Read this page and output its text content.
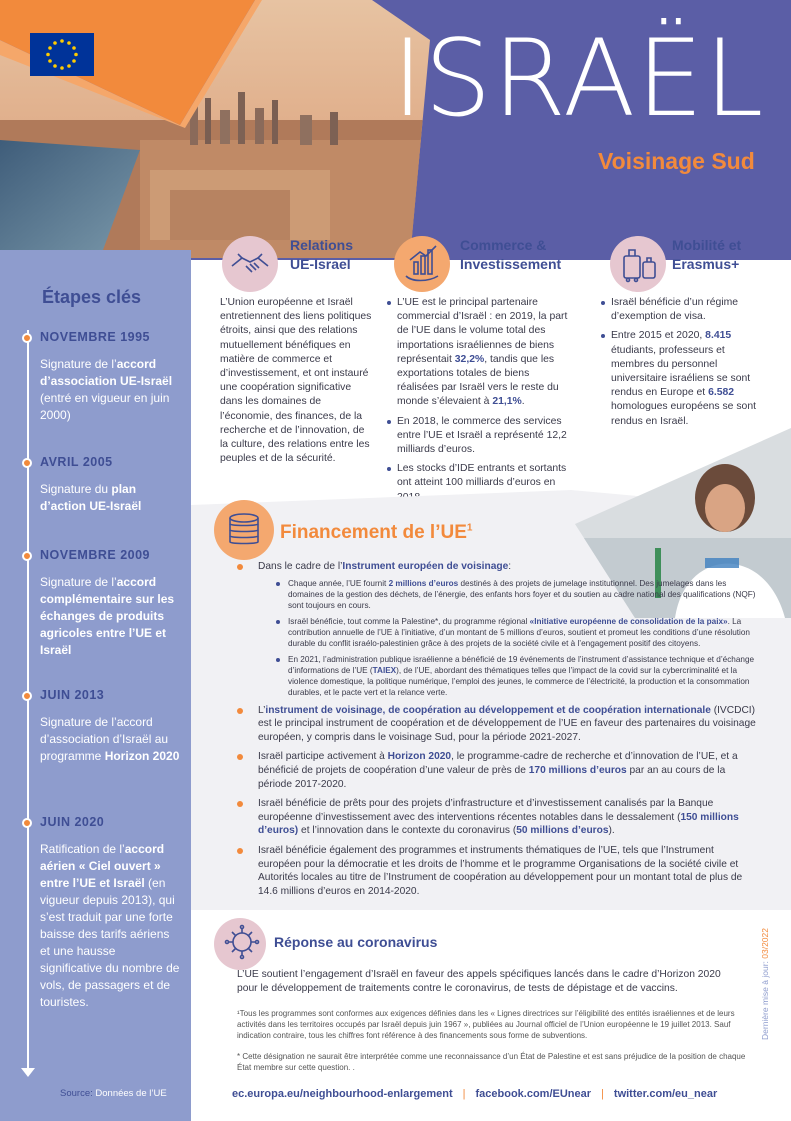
ISRAËL
Voisinage Sud
Étapes clés
NOVEMBRE 1995
Signature de l’accord d’association UE-Israël (entré en vigueur en juin 2000)
AVRIL 2005
Signature du plan d’action UE-Israël
NOVEMBRE 2009
Signature de l’accord complémentaire sur les échanges de produits agricoles entre l’UE et Israël
JUIN 2013
Signature de l’accord d’association d’Israël au programme Horizon 2020
JUIN 2020
Ratification de l’accord aérien « Ciel ouvert » entre l’UE et Israël (en vigueur depuis 2013), qui s’est traduit par une forte baisse des tarifs aériens et une hausse significative du nombre de vols, de passagers et de touristes.
Source: Données de l’UE
Relations
UE-Israel
L’Union européenne et Israël entretiennent des liens politiques étroits, ainsi que des relations mutuellement bénéfiques en matière de commerce et d’investissement, et ont instauré une coopération significative dans les domaines de l’économie, des finances, de la recherche et de l’innovation, de la culture, des relations entre les peuples et de la sécurité.
Commerce &
Investissement
L’UE est le principal partenaire commercial d’Israël : en 2019, la part de l’UE dans le volume total des importations israéliennes de biens représentait 32,2%, tandis que les exportations totales de biens réalisées par Israël vers le reste du monde s’élevaient à 21,1%.
En 2018, le commerce des services entre l’UE et Israël a représenté 12,2 milliards d’euros.
Les stocks d’IDE entrants et sortants ont atteint 100 milliards d’euros en
Mobilité et
Erasmus+
Israël bénéficie d’un régime d’exemption de visa.
Entre 2015 et 2020, 8.415 étudiants, professeurs et membres du personnel universitaire israéliens se sont rendus en Europe et 6.582 homologues européens se sont rendus en Israël.
Financement de $l’UE^1$
Dans le cadre de l’Instrument européen de voisinage:
Chaque année, l’UE fournit 2 millions d’euros destinés à des projets de jumelage institutionnel. Des jumelages dans les domaines de la gestion des déchets, de l’énergie, des enfants hors foyer et du soutien au cadre national des qualifications (NQF) sont toujours en cours.
Israël bénéficie, tout comme la Palestine*, du programme régional «Initiative européenne de consolidation de la paix». La contribution annuelle de l’UE à l’initiative, d’un montant de 5 millions d’euros, soutient et promeut les conditions d’une résolution durable du conflit israélo-palestinien grâce à des projets de la société civile et à l’engagement positif des citoyens.
En 2021, l’administration publique israélienne a bénéficié de 19 événements de l’instrument d’assistance technique et d’échange d’informations de l’UE (TAIEX), de l’UE, abordant des thématiques telles que l’impact de la covid sur la cybercriminalité et la violence domestique, la politique numérique, l’emploi des jeunes, le commerce de l’électricité, la production et la consommation durables, et le pacte vert et la relance verte.
L’instrument de voisinage, de coopération au développement et de coopération internationale (IVCDCI) est le principal instrument de coopération et de développement de l’UE en faveur des partenaires du voisinage européen, y compris dans le voisinage Sud, pour la période 2021-2027.
Israël participe activement à Horizon 2020, le programme-cadre de recherche et d’innovation de l’UE, et a bénéficié de projets de coopération d’une valeur de près de 170 millions d’euros par an au cours de la période 2017-2020.
Israël bénéficie de prêts pour des projets d’infrastructure et d’investissement canalisés par la Banque européenne d’investissement avec des interventions récentes notables dans le dessalement (150 millions d’euros) et l’innovation dans le contexte du coronavirus (50 millions d’euros).
Israël bénéficie également des programmes et instruments thématiques de l’UE, tels que l’Instrument européen pour la démocratie et les droits de l’homme et le programme Organisations de la société civile et Autorités locales au titre de l’Instrument de coopération au développement pour un montant total de plus de 14.6 millions d’euros en 2014-2020.
Réponse au coronavirus
L’UE soutient l’engagement d’Israël en faveur des appels spécifiques lancés dans le cadre d’Horizon 2020 pour le développement de traitements contre le coronavirus, de tests de dépistage et de vaccins.
¹Tous les programmes sont conformes aux exigences définies dans les « Lignes directrices sur l’éligibilité des entités israéliennes et de leurs activités dans les territoires occupés par Israël depuis juin 1967 », publiées au Journal officiel de l’Union européenne le 19 juillet 2013. Sauf indication contraire, tous les chiffres font référence à des financements sous forme de subventions.
* Cette désignation ne saurait être interprétée comme une reconnaissance d’un État de Palestine et est sans préjudice de la position de chaque État membre sur cette question. .
Dernière mise à jour: 03/2022
ec.europa.eu/neighbourhood-enlargement | facebook.com/EUnear | twitter.com/eu_near
